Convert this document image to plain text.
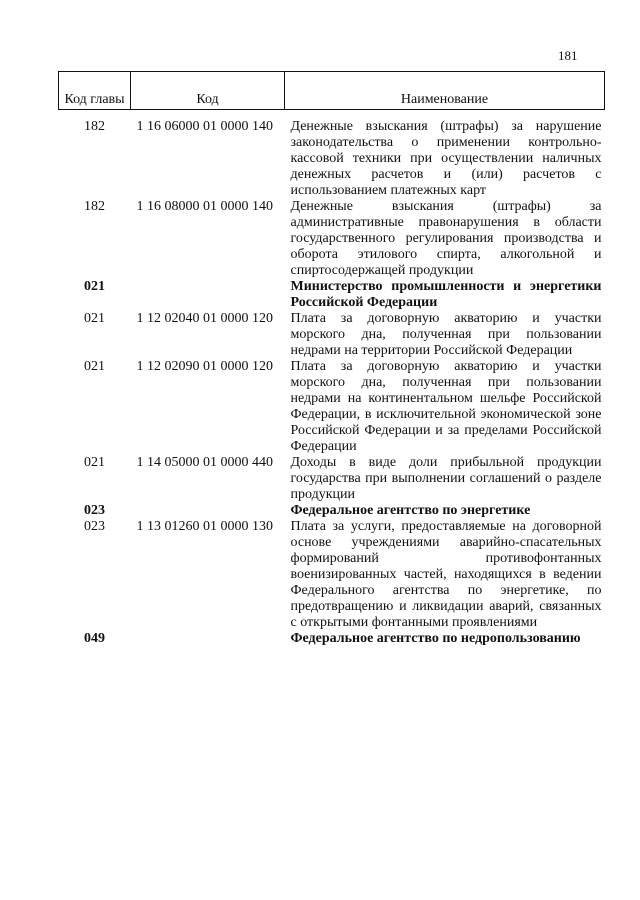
181
Код главы	Код	Наименование
182	1 16 06000 01 0000 140	Денежные взыскания (штрафы) за нарушение законодательства о применении контрольно-кассовой техники при осуществлении наличных денежных расчетов и (или) расчетов с использованием платежных карт
182	1 16 08000 01 0000 140	Денежные взыскания (штрафы) за административные правонарушения в области государственного регулирования производства и оборота этилового спирта, алкогольной и спиртосодержащей продукции
021		Министерство промышленности и энергетики Российской Федерации
021	1 12 02040 01 0000 120	Плата за договорную акваторию и участки морского дна, полученная при пользовании недрами на территории Российской Федерации
021	1 12 02090 01 0000 120	Плата за договорную акваторию и участки морского дна, полученная при пользовании недрами на континентальном шельфе Российской Федерации, в исключительной экономической зоне Российской Федерации и за пределами Российской Федерации
021	1 14 05000 01 0000 440	Доходы в виде доли прибыльной продукции государства при выполнении соглашений о разделе продукции
023		Федеральное агентство по энергетике
023	1 13 01260 01 0000 130	Плата за услуги, предоставляемые на договорной основе учреждениями аварийно-спасательных формирований противофонтанных военизированных частей, находящихся в ведении Федерального агентства по энергетике, по предотвращению и ликвидации аварий, связанных с открытыми фонтанными проявлениями
049		Федеральное агентство по недропользованию
